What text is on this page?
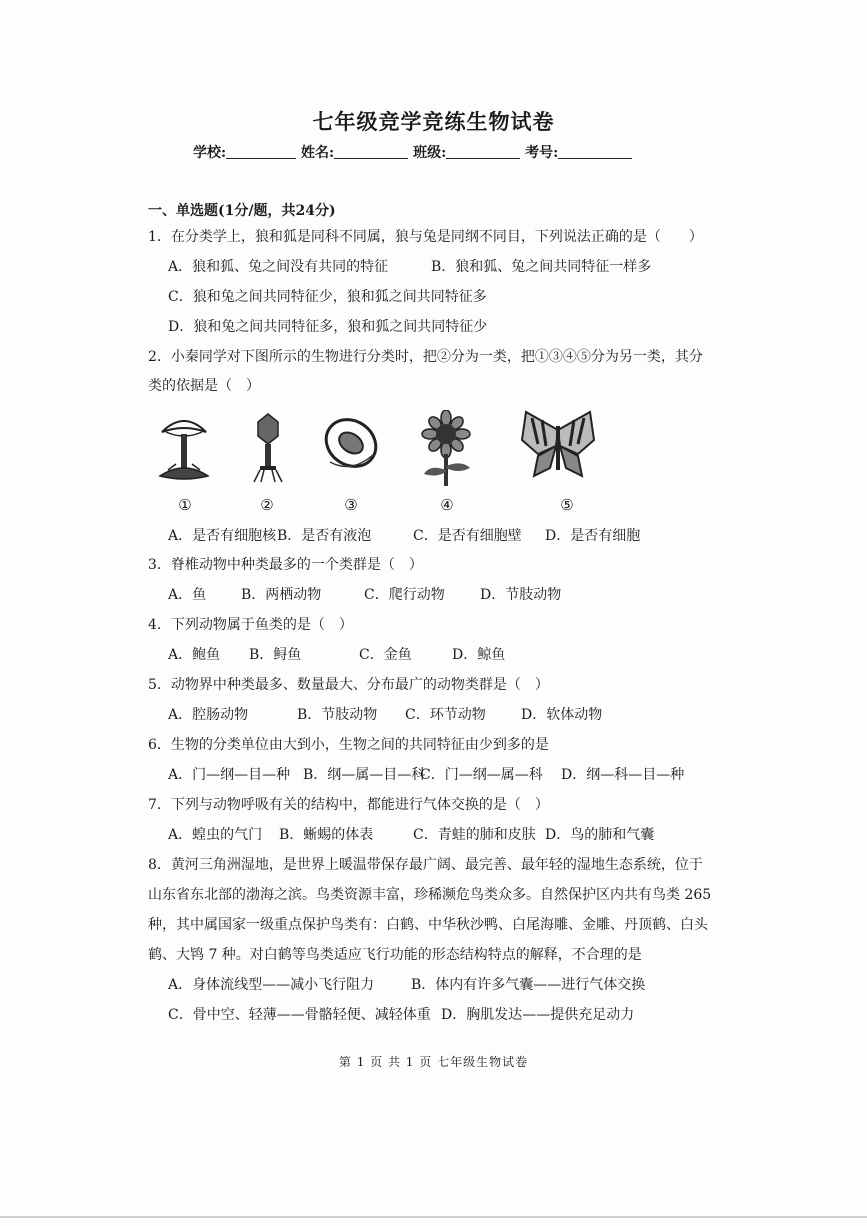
七年级竞学竞练生物试卷
学校:	姓名:	班级:	考号:
一、单选题(1分/题，共24分)
1．在分类学上，狼和狐是同科不同属，狼与兔是同纲不同目，下列说法正确的是（　　）
A．狼和狐、兔之间没有共同的特征	B．狼和狐、兔之间共同特征一样多
C．狼和兔之间共同特征少，狼和狐之间共同特征多
D．狼和兔之间共同特征多，狼和狐之间共同特征少
2．小秦同学对下图所示的生物进行分类时，把②分为一类，把①③④⑤分为另一类，其分
类的依据是（　）
①	②	③	④	⑤
A．是否有细胞核 B．是否有液泡	C．是否有细胞壁 D．是否有细胞
3．脊椎动物中种类最多的一个类群是（　）
A．鱼 B．两栖动物	C．爬行动物	D．节肢动物
4．下列动物属于鱼类的是（　）
A．鲍鱼 B．鲟鱼	C．金鱼	D．鲸鱼
5．动物界中种类最多、数量最大、分布最广的动物类群是（　）
A．腔肠动物	B．节肢动物 C．环节动物	D．软体动物
6．生物的分类单位由大到小，生物之间的共同特征由少到多的是
A．门—纲—目—种 B．纲—属—目—科
C．门—纲—属—科 D．纲—科—目—种
7．下列与动物呼吸有关的结构中，都能进行气体交换的是（　）
A．蝗虫的气门 B．蜥蜴的体表	C．青蛙的肺和皮肤 D．鸟的肺和气囊
8．黄河三角洲湿地，是世界上暖温带保存最广阔、最完善、最年轻的湿地生态系统，位于
山东省东北部的渤海之滨。鸟类资源丰富，珍稀濒危鸟类众多。自然保护区内共有鸟类 265
种，其中属国家一级重点保护鸟类有：白鹤、中华秋沙鸭、白尾海雕、金雕、丹顶鹤、白头
鹤、大鸨 7 种。对白鹤等鸟类适应飞行功能的形态结构特点的解释，不合理的是
A．身体流线型——减小飞行阻力	B．体内有许多气囊——进行气体交换
C．骨中空、轻薄——骨骼轻便、减轻体重 D．胸肌发达——提供充足动力
第 1 页 共 1 页 七年级生物试卷
